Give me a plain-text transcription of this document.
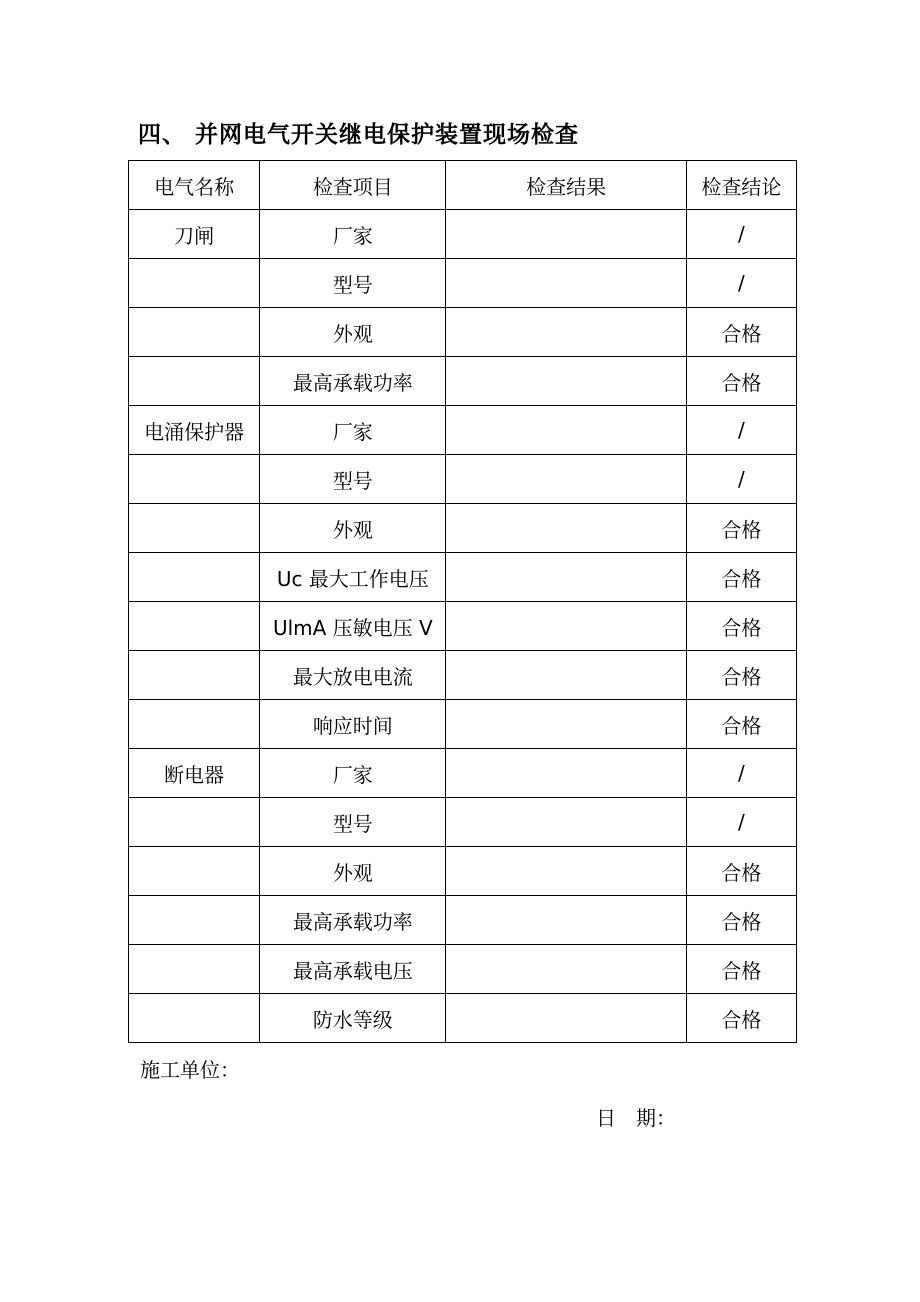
四、 并网电气开关继电保护装置现场检查
电气名称	检查项目	检查结果	检查结论
刀闸	厂家		/
	型号		/
	外观		合格
	最高承载功率		合格
电涌保护器	厂家		/
	型号		/
	外观		合格
	Uc 最大工作电压		合格
	UlmA 压敏电压 V		合格
	最大放电电流		合格
	响应时间		合格
断电器	厂家		/
	型号		/
	外观		合格
	最高承载功率		合格
	最高承载电压		合格
	防水等级		合格
施工单位：
日　期：
